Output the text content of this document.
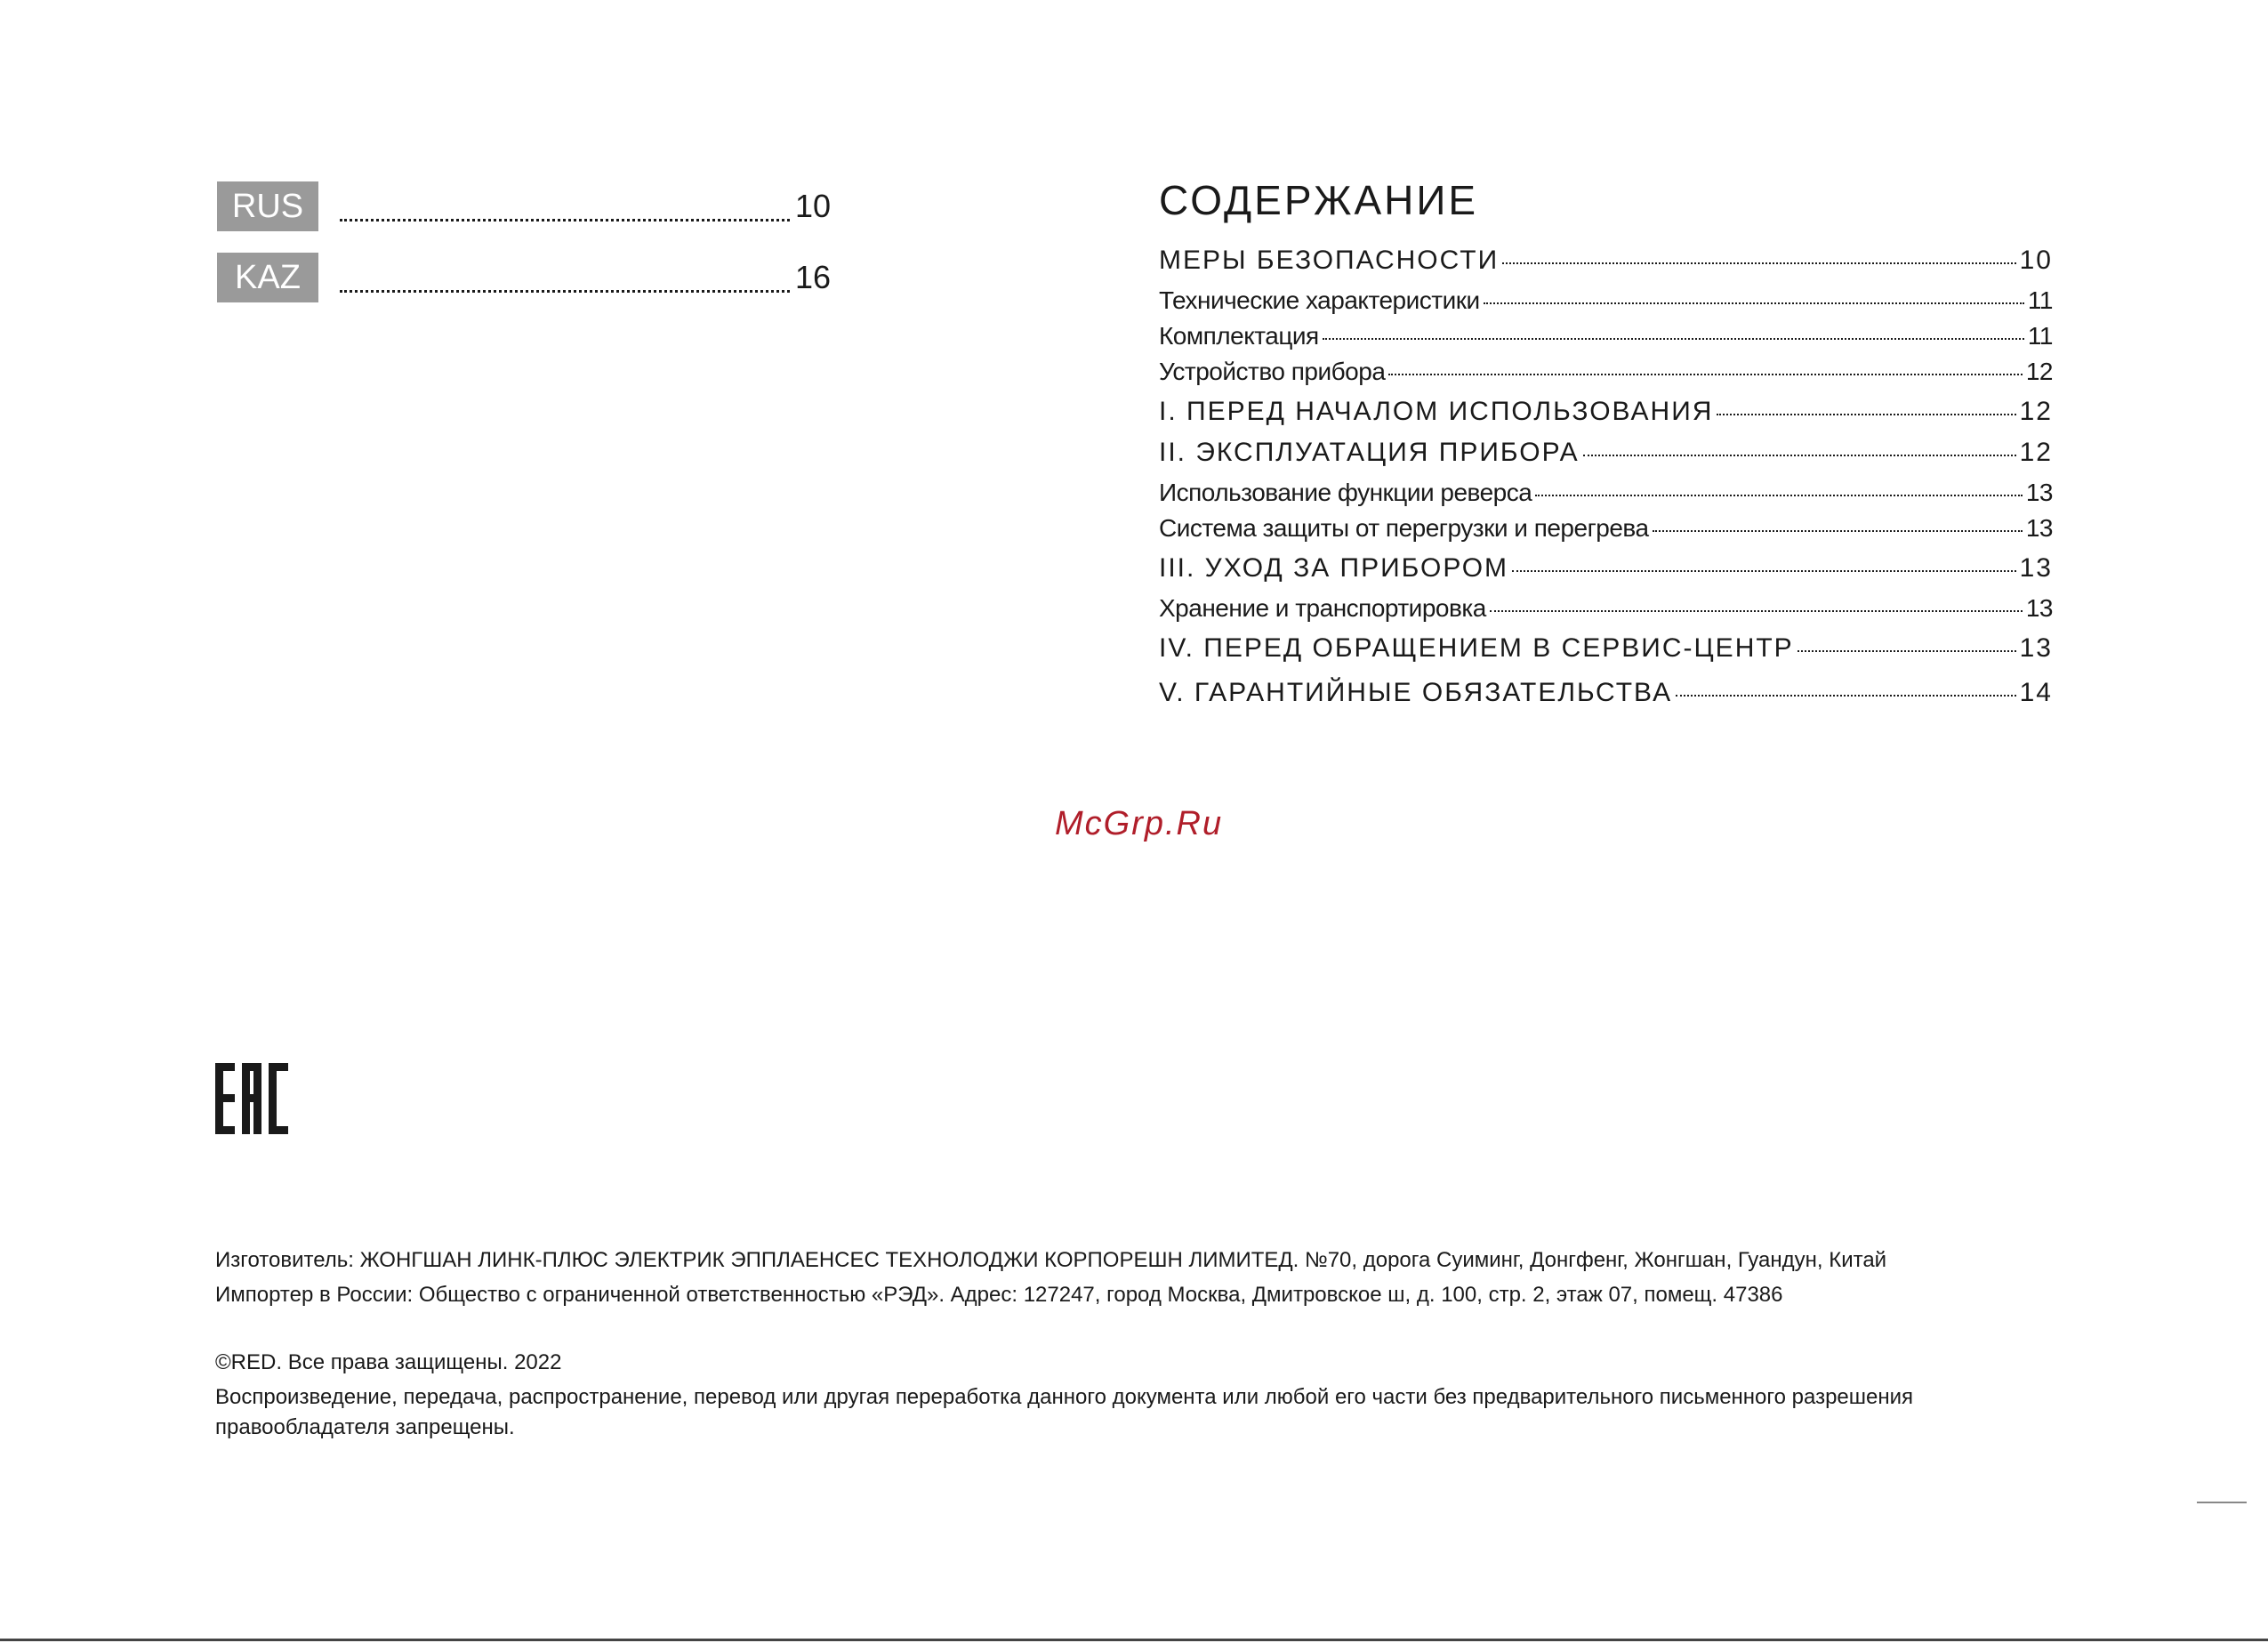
RUS	10
KAZ	16
СОДЕРЖАНИЕ
МЕРЫ БЕЗОПАСНОСТИ	10
Технические характеристики	11
Комплектация	11
Устройство прибора	12
I. ПЕРЕД НАЧАЛОМ ИСПОЛЬЗОВАНИЯ	12
II. ЭКСПЛУАТАЦИЯ ПРИБОРА	12
Использование функции реверса	13
Система защиты от перегрузки и перегрева	13
III. УХОД ЗА ПРИБОРОМ	13
Хранение и транспортировка	13
IV. ПЕРЕД ОБРАЩЕНИЕМ В СЕРВИС-ЦЕНТР	13
V. ГАРАНТИЙНЫЕ ОБЯЗАТЕЛЬСТВА	14
McGrp.Ru
Изготовитель: ЖОНГШАН ЛИНК-ПЛЮС ЭЛЕКТРИК ЭППЛАЕНСЕС ТЕХНОЛОДЖИ КОРПОРЕШН ЛИМИТЕД. №70, дорога Суиминг, Донгфенг, Жонгшан, Гуандун, Китай
Импортер в России: Общество с ограниченной ответственностью «РЭД». Адрес: 127247, город Москва, Дмитровское ш, д. 100, стр. 2, этаж 07, помещ. 47386
©RED. Все права защищены. 2022
Воспроизведение, передача, распространение, перевод или другая переработка данного документа или любой его части без предварительного письменного разрешения правообладателя запрещены.
